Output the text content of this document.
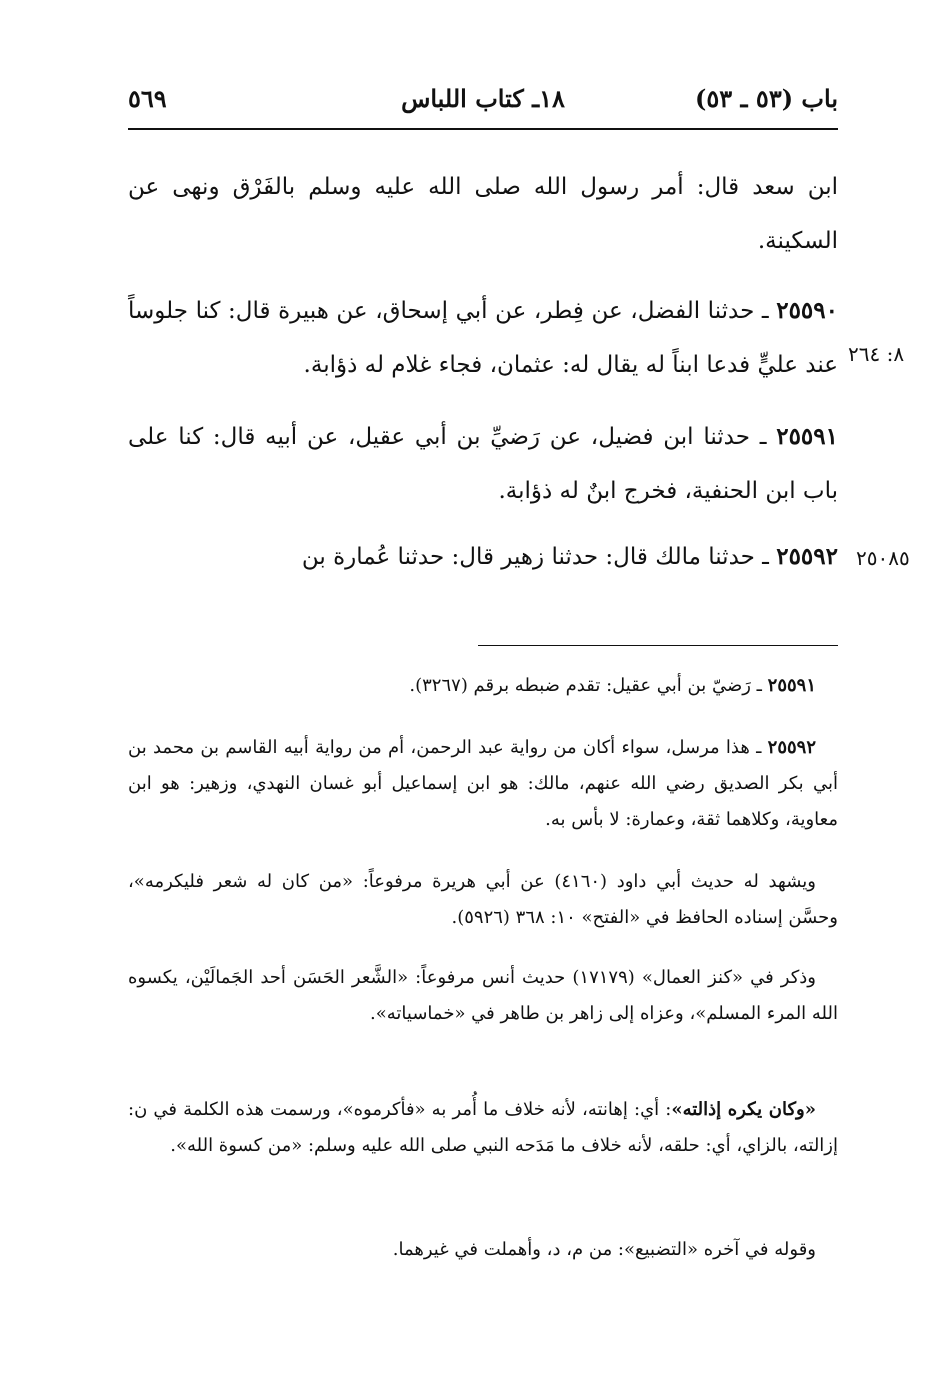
باب (٥٣ ـ ٥٣)
١٨ـ كتاب اللباس
٥٦٩

ابن سعد قال: أمر رسول الله صلى الله عليه وسلم بالفَرْق ونهى عن السكينة.

٢٥٥٩٠ ـ حدثنا الفضل، عن فِطر، عن أبي إسحاق، عن هبيرة قال: كنا جلوساً عند عليٍّ فدعا ابناً له يقال له: عثمان، فجاء غلام له ذؤابة. ٨: ٢٦٤

٢٥٥٩١ ـ حدثنا ابن فضيل، عن رَضيِّ بن أبي عقيل، عن أبيه قال: كنا على باب ابن الحنفية، فخرج ابنٌ له ذؤابة.

٢٥٥٩٢ ـ حدثنا مالك قال: حدثنا زهير قال: حدثنا عُمارة بن	٢٥٠٨٥

٢٥٥٩١ ـ رَضيّ بن أبي عقيل: تقدم ضبطه برقم (٣٢٦٧).

٢٥٥٩٢ ـ هذا مرسل، سواء أكان من رواية عبد الرحمن، أم من رواية أبيه القاسم بن محمد بن أبي بكر الصديق رضي الله عنهم، مالك: هو ابن إسماعيل أبو غسان النهدي، وزهير: هو ابن معاوية، وكلاهما ثقة، وعمارة: لا بأس به.

ويشهد له حديث أبي داود (٤١٦٠) عن أبي هريرة مرفوعاً: «من كان له شعر فليكرمه»، وحسَّن إسناده الحافظ في «الفتح» ١٠: ٣٦٨ (٥٩٢٦).

وذكر في «كنز العمال» (١٧١٧٩) حديث أنس مرفوعاً: «الشَّعر الحَسَن أحد الجَمالَيْن، يكسوه الله المرء المسلم»، وعزاه إلى زاهر بن طاهر في «خماسياته».

«وكان يكره إذالته»: أي: إهانته، لأنه خلاف ما أُمر به «فأكرموه»، ورسمت هذه الكلمة في ن: إزالته، بالزاي، أي: حلقه، لأنه خلاف ما مَدَحه النبي صلى الله عليه وسلم: «من كسوة الله».

وقوله في آخره «التضبيع»: من م، د، وأهملت في غيرهما.
